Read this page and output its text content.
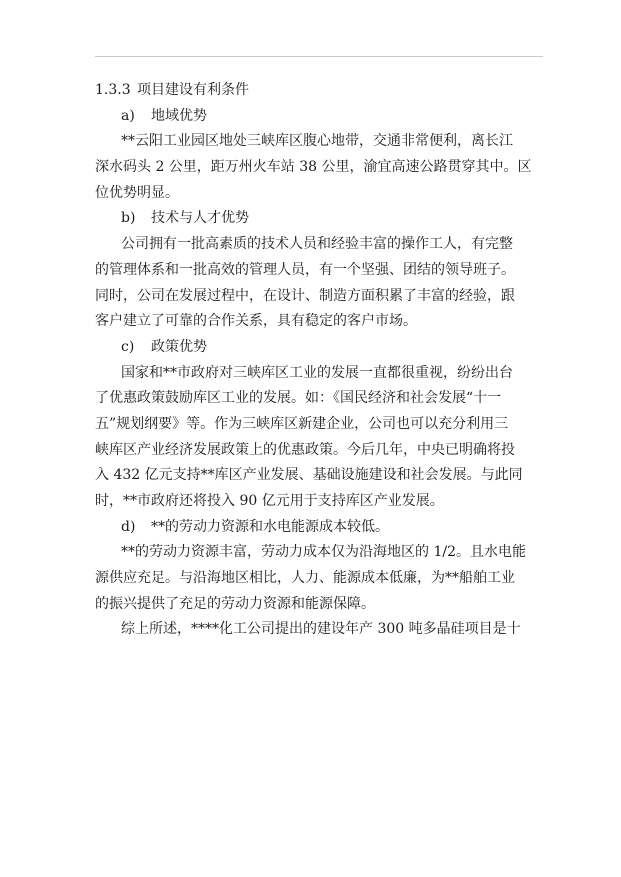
1.3.3 项目建设有利条件
a) 地域优势
**云阳工业园区地处三峡库区腹心地带，交通非常便利，离长江
深水码头 2 公里，距万州火车站 38 公里，渝宜高速公路贯穿其中。区
位优势明显。
b) 技术与人才优势
公司拥有一批高素质的技术人员和经验丰富的操作工人，有完整
的管理体系和一批高效的管理人员，有一个坚强、团结的领导班子。
同时，公司在发展过程中，在设计、制造方面积累了丰富的经验，跟
客户建立了可靠的合作关系，具有稳定的客户市场。
c) 政策优势
国家和**市政府对三峡库区工业的发展一直都很重视，纷纷出台
了优惠政策鼓励库区工业的发展。如：《国民经济和社会发展“十一
五”规划纲要》等。作为三峡库区新建企业，公司也可以充分利用三
峡库区产业经济发展政策上的优惠政策。今后几年，中央已明确将投
入 432 亿元支持**库区产业发展、基础设施建设和社会发展。与此同
时，**市政府还将投入 90 亿元用于支持库区产业发展。
d) **的劳动力资源和水电能源成本较低。
**的劳动力资源丰富，劳动力成本仅为沿海地区的 1/2。且水电能
源供应充足。与沿海地区相比，人力、能源成本低廉，为**船舶工业
的振兴提供了充足的劳动力资源和能源保障。
综上所述，****化工公司提出的建设年产 300 吨多晶硅项目是十
